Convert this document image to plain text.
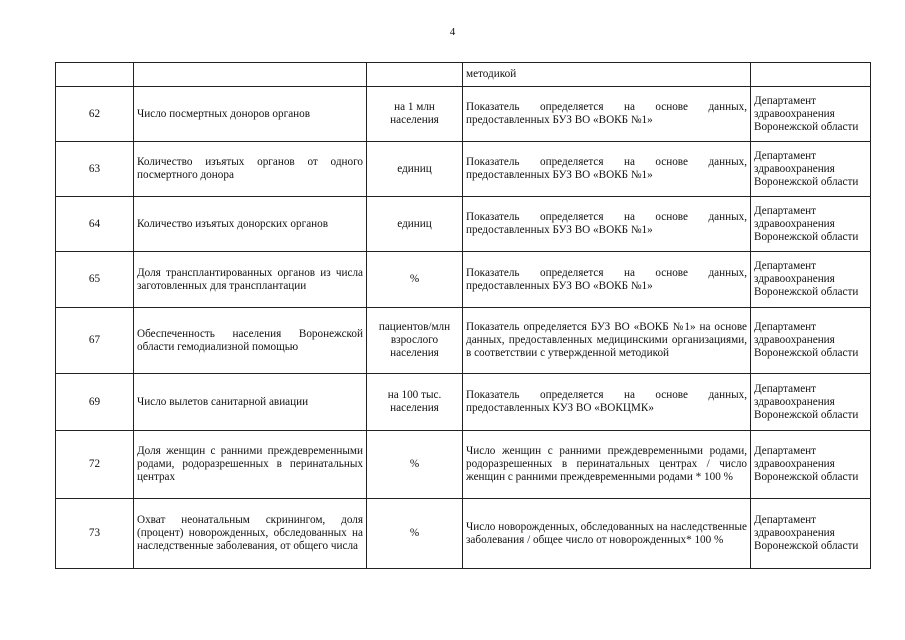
4
			методикой	
62	Число посмертных доноров органов	на 1 млн населения	Показатель определяется на основе данных, предоставленных БУЗ ВО «ВОКБ №1»	Департамент здравоохранения Воронежской области
63	Количество изъятых органов от одного посмертного донора	единиц	Показатель определяется на основе данных, предоставленных БУЗ ВО «ВОКБ №1»	Департамент здравоохранения Воронежской области
64	Количество изъятых донорских органов	единиц	Показатель определяется на основе данных, предоставленных БУЗ ВО «ВОКБ №1»	Департамент здравоохранения Воронежской области
65	Доля трансплантированных органов из числа заготовленных для трансплантации	%	Показатель определяется на основе данных, предоставленных БУЗ ВО «ВОКБ №1»	Департамент здравоохранения Воронежской области
67	Обеспеченность населения Воронежской области гемодиализной помощью	пациентов/млн взрослого населения	Показатель определяется БУЗ ВО «ВОКБ №1» на основе данных, предоставленных медицинскими организациями, в соответствии с утвержденной методикой	Департамент здравоохранения Воронежской области
69	Число вылетов санитарной авиации	на 100 тыс. населения	Показатель определяется на основе данных, предоставленных КУЗ ВО «ВОКЦМК»	Департамент здравоохранения Воронежской области
72	Доля женщин с ранними преждевременными родами, родоразрешенных в перинатальных центрах	%	Число женщин с ранними преждевременными родами, родоразрешенных в перинатальных центрах / число женщин с ранними преждевременными родами * 100 %	Департамент здравоохранения Воронежской области
73	Охват неонатальным скринингом, доля (процент) новорожденных, обследованных на наследственные заболевания, от общего числа	%	Число новорожденных, обследованных на наследственные заболевания / общее число от новорожденных* 100 %	Департамент здравоохранения Воронежской области
